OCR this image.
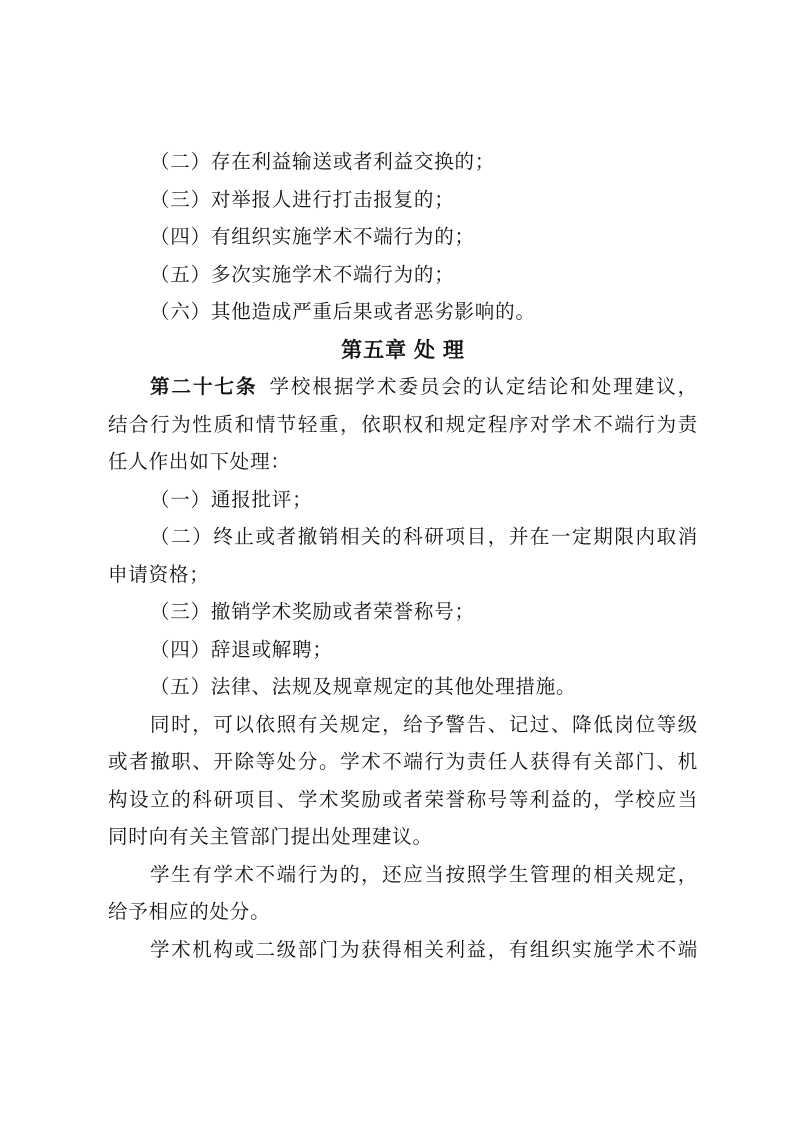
（二）存在利益输送或者利益交换的；
（三）对举报人进行打击报复的；
（四）有组织实施学术不端行为的；
（五）多次实施学术不端行为的；
（六）其他造成严重后果或者恶劣影响的。
第五章 处 理
第二十七条 学校根据学术委员会的认定结论和处理建议，
结合行为性质和情节轻重，依职权和规定程序对学术不端行为责
任人作出如下处理：
（一）通报批评；
（二）终止或者撤销相关的科研项目，并在一定期限内取消
申请资格；
（三）撤销学术奖励或者荣誉称号；
（四）辞退或解聘；
（五）法律、法规及规章规定的其他处理措施。
同时，可以依照有关规定，给予警告、记过、降低岗位等级
或者撤职、开除等处分。学术不端行为责任人获得有关部门、机
构设立的科研项目、学术奖励或者荣誉称号等利益的，学校应当
同时向有关主管部门提出处理建议。
学生有学术不端行为的，还应当按照学生管理的相关规定，
给予相应的处分。
学术机构或二级部门为获得相关利益，有组织实施学术不端
